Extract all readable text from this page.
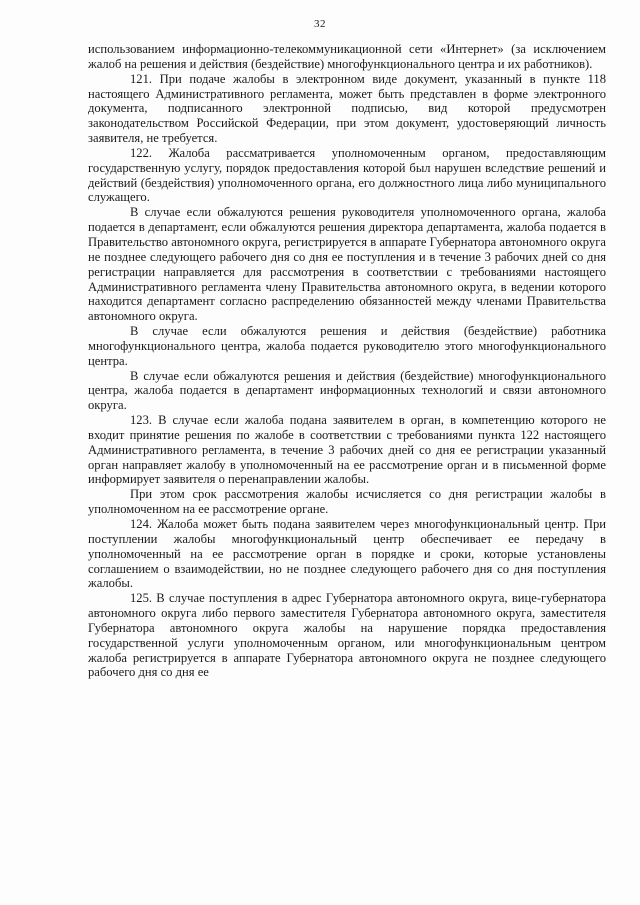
32

использованием информационно-телекоммуникационной сети «Интернет» (за исключением жалоб на решения и действия (бездействие) многофункционального центра и их работников).

121. При подаче жалобы в электронном виде документ, указанный в пункте 118 настоящего Административного регламента, может быть представлен в форме электронного документа, подписанного электронной подписью, вид которой предусмотрен законодательством Российской Федерации, при этом документ, удостоверяющий личность заявителя, не требуется.

122. Жалоба рассматривается уполномоченным органом, предоставляющим государственную услугу, порядок предоставления которой был нарушен вследствие решений и действий (бездействия) уполномоченного органа, его должностного лица либо муниципального служащего.

В случае если обжалуются решения руководителя уполномоченного органа, жалоба подается в департамент, если обжалуются решения директора департамента, жалоба подается в Правительство автономного округа, регистрируется в аппарате Губернатора автономного округа не позднее следующего рабочего дня со дня ее поступления и в течение 3 рабочих дней со дня регистрации направляется для рассмотрения в соответствии с требованиями настоящего Административного регламента члену Правительства автономного округа, в ведении которого находится департамент согласно распределению обязанностей между членами Правительства автономного округа.

В случае если обжалуются решения и действия (бездействие) работника многофункционального центра, жалоба подается руководителю этого многофункционального центра.

В случае если обжалуются решения и действия (бездействие) многофункционального центра, жалоба подается в департамент информационных технологий и связи автономного округа.

123. В случае если жалоба подана заявителем в орган, в компетенцию которого не входит принятие решения по жалобе в соответствии с требованиями пункта 122 настоящего Административного регламента, в течение 3 рабочих дней со дня ее регистрации указанный орган направляет жалобу в уполномоченный на ее рассмотрение орган и в письменной форме информирует заявителя о перенаправлении жалобы.

При этом срок рассмотрения жалобы исчисляется со дня регистрации жалобы в уполномоченном на ее рассмотрение органе.

124. Жалоба может быть подана заявителем через многофункциональный центр. При поступлении жалобы многофункциональный центр обеспечивает ее передачу в уполномоченный на ее рассмотрение орган в порядке и сроки, которые установлены соглашением о взаимодействии, но не позднее следующего рабочего дня со дня поступления жалобы.

125. В случае поступления в адрес Губернатора автономного округа, вице-губернатора автономного округа либо первого заместителя Губернатора автономного округа, заместителя Губернатора автономного округа жалобы на нарушение порядка предоставления государственной услуги уполномоченным органом, или многофункциональным центром жалоба регистрируется в аппарате Губернатора автономного округа не позднее следующего рабочего дня со дня ее
